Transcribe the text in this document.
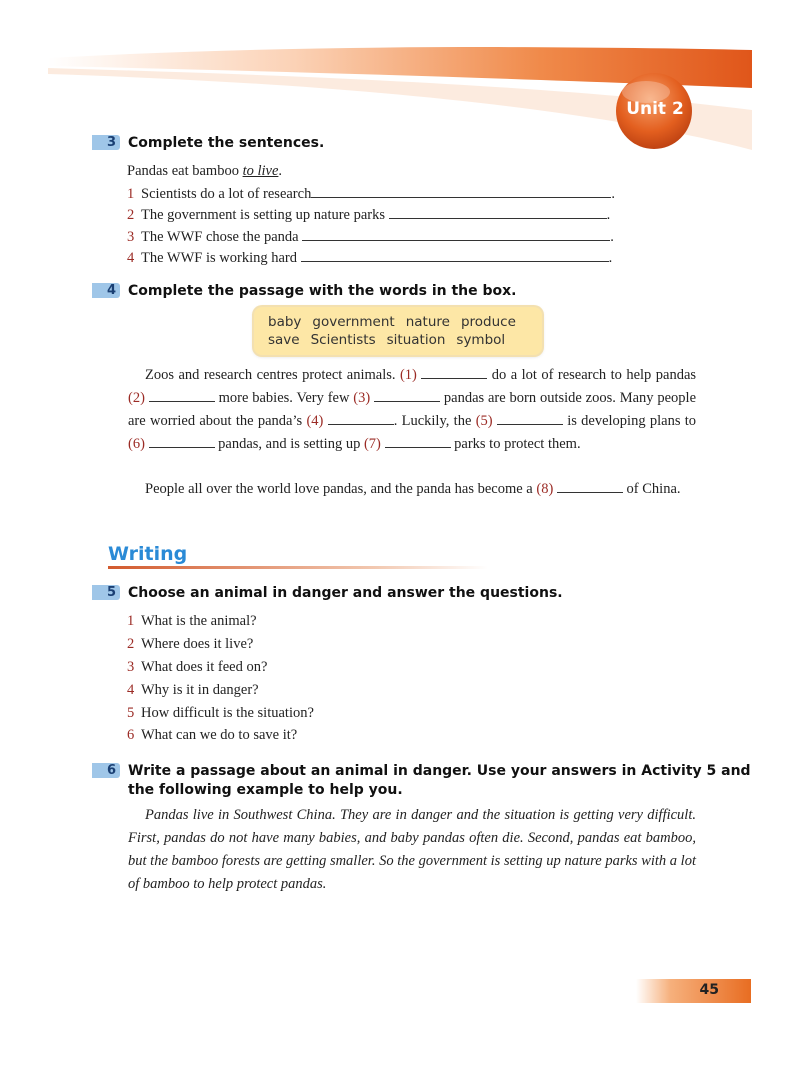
Unit 2
3 Complete the sentences.
Pandas eat bamboo to live.
1 Scientists do a lot of research	.
2 The government is setting up nature parks	.
3 The WWF chose the panda	.
4 The WWF is working hard	.
4 Complete the passage with the words in the box.
baby government nature produce
save Scientists situation symbol
Zoos and research centres protect animals. (1)	do a lot of research to help pandas (2)	more babies. Very few (3)	pandas are born outside zoos. Many people are worried about the panda’s (4)	. Luckily, the (5)	is developing plans to (6)	pandas, and is setting up (7)	parks to protect them.
People all over the world love pandas, and the panda has become a (8)	of China.
Writing
5 Choose an animal in danger and answer the questions.
1 What is the animal?
2 Where does it live?
3 What does it feed on?
4 Why is it in danger?
5 How difficult is the situation?
6 What can we do to save it?
6 Write a passage about an animal in danger. Use your answers in Activity 5 and
the following example to help you.
Pandas live in Southwest China. They are in danger and the situation is getting very difficult. First, pandas do not have many babies, and baby pandas often die. Second, pandas eat bamboo, but the bamboo forests are getting smaller. So the government is setting up nature parks with a lot of bamboo to help protect pandas.
45
